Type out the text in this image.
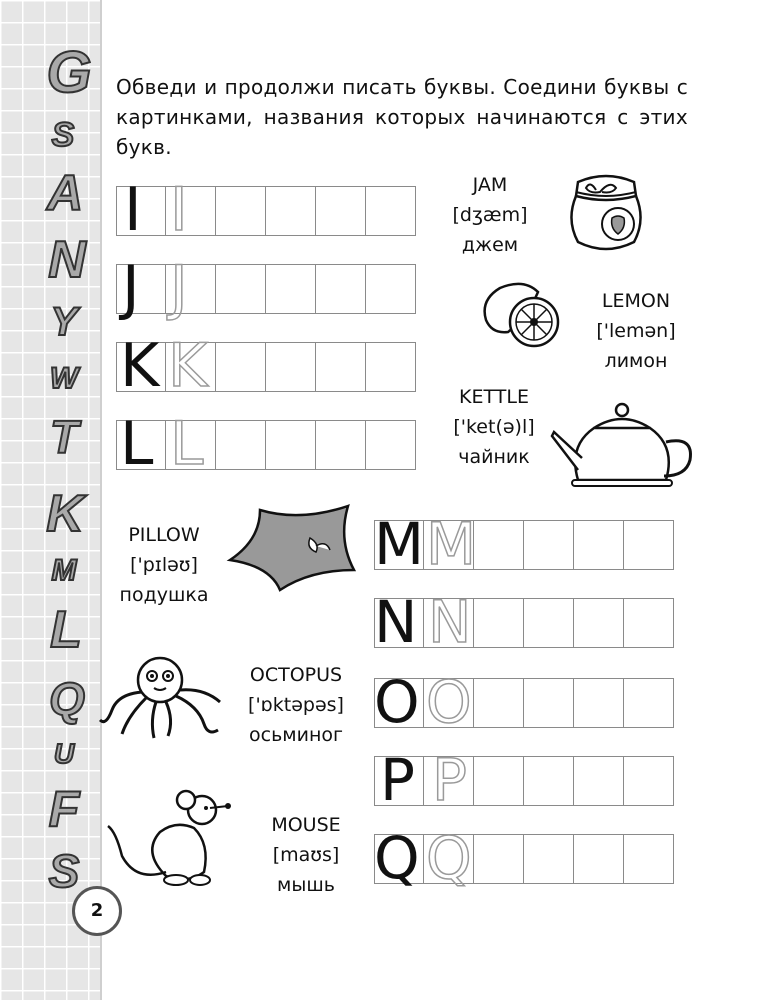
G
S
A
N
Y
W
T
K
M
L
Q
U
F
S
2
Обведи и продолжи писать буквы. Соедини буквы с картинками, названия которых начинаются с этих букв.
I I
J J
K K
L L
M M
N N
O O
P P
Q Q
JAM
[dʒæm]
джем
LEMON
['lemən]
лимон
KETTLE
['ket(ə)l]
чайник
PILLOW
['pɪləʊ]
подушка
OCTOPUS
['ɒktəpəs]
осьминог
MOUSE
[maʊs]
мышь
